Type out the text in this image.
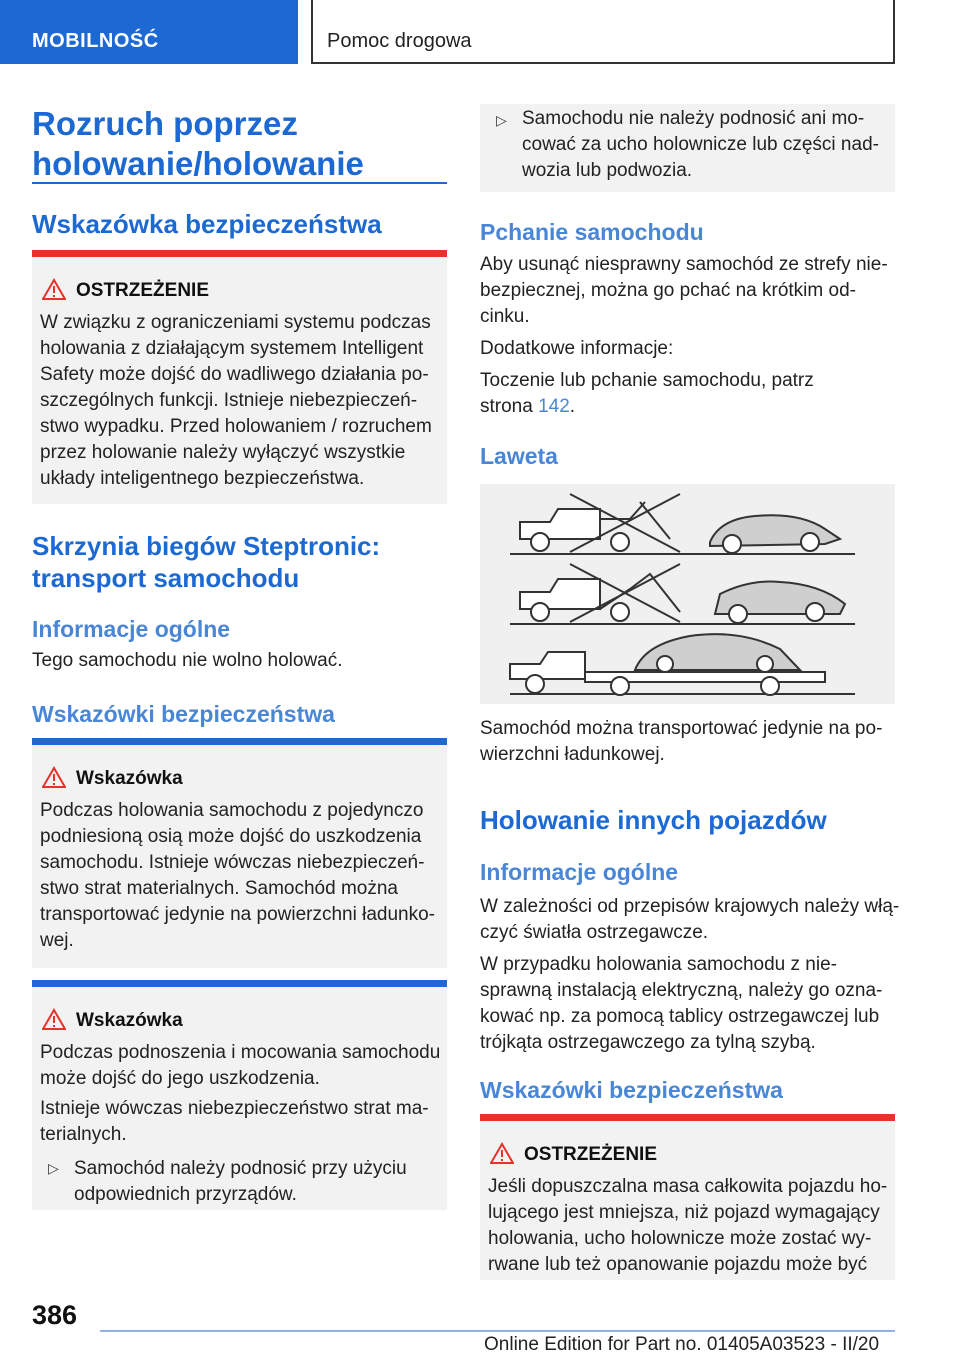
MOBILNOŚĆ	Pomoc drogowa
Rozruch poprzez
holowanie/holowanie
Wskazówka bezpieczeństwa
OSTRZEŻENIE
W związku z ograniczeniami systemu podczas
holowania z działającym systemem Intelligent
Safety może dojść do wadliwego działania po-
szczególnych funkcji. Istnieje niebezpieczeń-
stwo wypadku. Przed holowaniem / rozruchem
przez holowanie należy wyłączyć wszystkie
układy inteligentnego bezpieczeństwa.
Skrzynia biegów Steptronic:
transport samochodu
Informacje ogólne
Tego samochodu nie wolno holować.
Wskazówki bezpieczeństwa
Wskazówka
Podczas holowania samochodu z pojedynczo
podniesioną osią może dojść do uszkodzenia
samochodu. Istnieje wówczas niebezpieczeń-
stwo strat materialnych. Samochód można
transportować jedynie na powierzchni ładunko-
wej.
Wskazówka
Podczas podnoszenia i mocowania samochodu
może dojść do jego uszkodzenia.
Istnieje wówczas niebezpieczeństwo strat ma-
terialnych.
▷ Samochód należy podnosić przy użyciu
odpowiednich przyrządów.
▷ Samochodu nie należy podnosić ani mo-
cować za ucho holownicze lub części nad-
wozia lub podwozia.
Pchanie samochodu
Aby usunąć niesprawny samochód ze strefy nie-
bezpiecznej, można go pchać na krótkim od-
cinku.
Dodatkowe informacje:
Toczenie lub pchanie samochodu, patrz
strona 142.
Laweta
Samochód można transportować jedynie na po-
wierzchni ładunkowej.
Holowanie innych pojazdów
Informacje ogólne
W zależności od przepisów krajowych należy włą-
czyć światła ostrzegawcze.
W przypadku holowania samochodu z nie-
sprawną instalacją elektryczną, należy go ozna-
kować np. za pomocą tablicy ostrzegawczej lub
trójkąta ostrzegawczego za tylną szybą.
Wskazówki bezpieczeństwa
OSTRZEŻENIE
Jeśli dopuszczalna masa całkowita pojazdu ho-
lującego jest mniejsza, niż pojazd wymagający
holowania, ucho holownicze może zostać wy-
rwane lub też opanowanie pojazdu może być
386
Online Edition for Part no. 01405A03523 - II/20
